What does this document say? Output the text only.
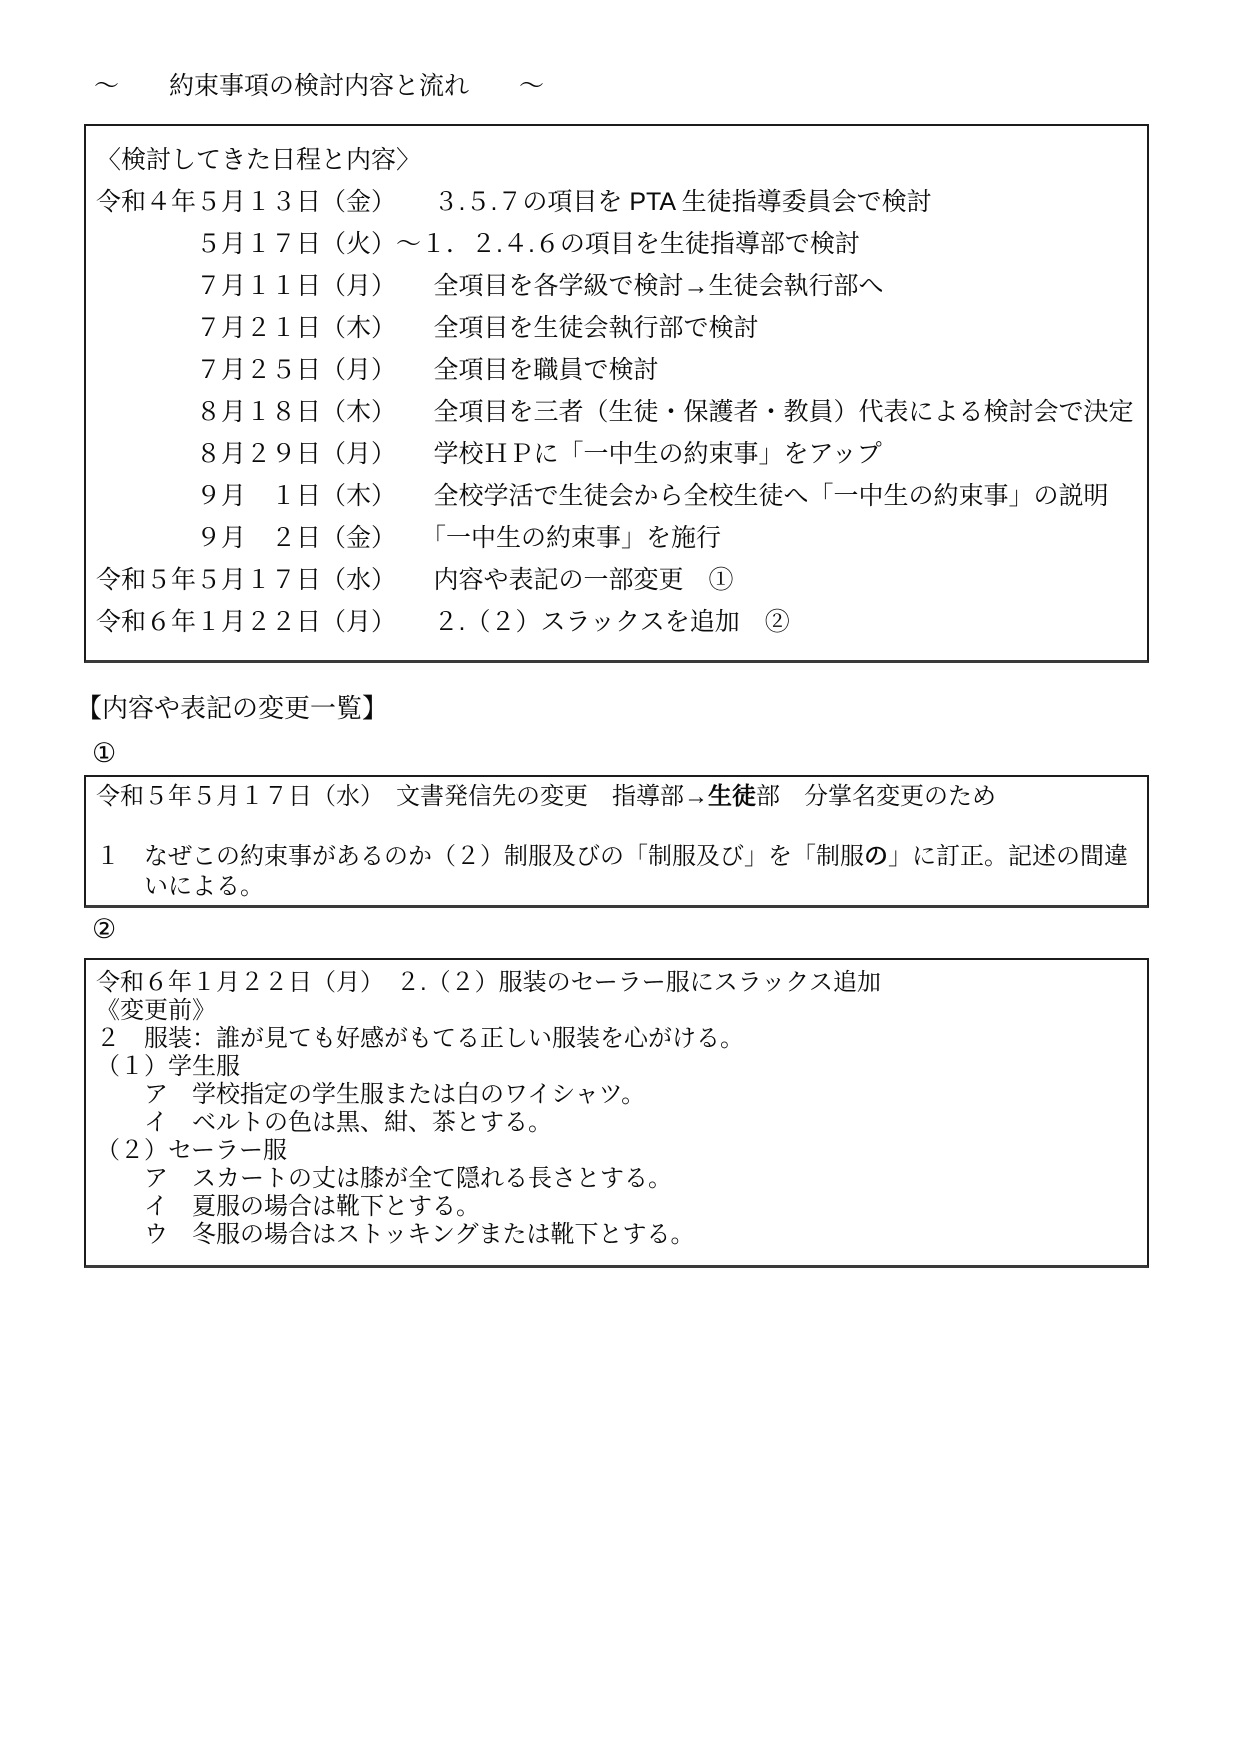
～　　約束事項の検討内容と流れ　　～
〈検討してきた日程と内容〉
令和４年５月１３日（金）　　３.５.７の項目を PTA 生徒指導委員会で検討
　　　　５月１７日（火）～１．２.４.６の項目を生徒指導部で検討
　　　　７月１１日（月）　　全項目を各学級で検討→生徒会執行部へ
　　　　７月２１日（木）　　全項目を生徒会執行部で検討
　　　　７月２５日（月）　　全項目を職員で検討
　　　　８月１８日（木）　　全項目を三者（生徒・保護者・教員）代表による検討会で決定
　　　　８月２９日（月）　　学校ＨＰに「一中生の約束事」をアップ
　　　　９月　１日（木）　　全校学活で生徒会から全校生徒へ「一中生の約束事」の説明
　　　　９月　２日（金）　　「一中生の約束事」を施行
令和５年５月１７日（水）　　内容や表記の一部変更　①
令和６年１月２２日（月）　　２.（２）スラックスを追加　②
【内容や表記の変更一覧】
①
令和５年５月１７日（水）　文書発信先の変更　指導部→生徒部　分掌名変更のため
１　なぜこの約束事があるのか（２）制服及びの「制服及び」を「制服の」に訂正。記述の間違いによる。
②
令和６年１月２２日（月）　２.（２）服装のセーラー服にスラックス追加
《変更前》
２　服装：誰が見ても好感がもてる正しい服装を心がける。
（１）学生服
　　ア　学校指定の学生服または白のワイシャツ。
　　イ　ベルトの色は黒、紺、茶とする。
（２）セーラー服
　　ア　スカートの丈は膝が全て隠れる長さとする。
　　イ　夏服の場合は靴下とする。
　　ウ　冬服の場合はストッキングまたは靴下とする。
